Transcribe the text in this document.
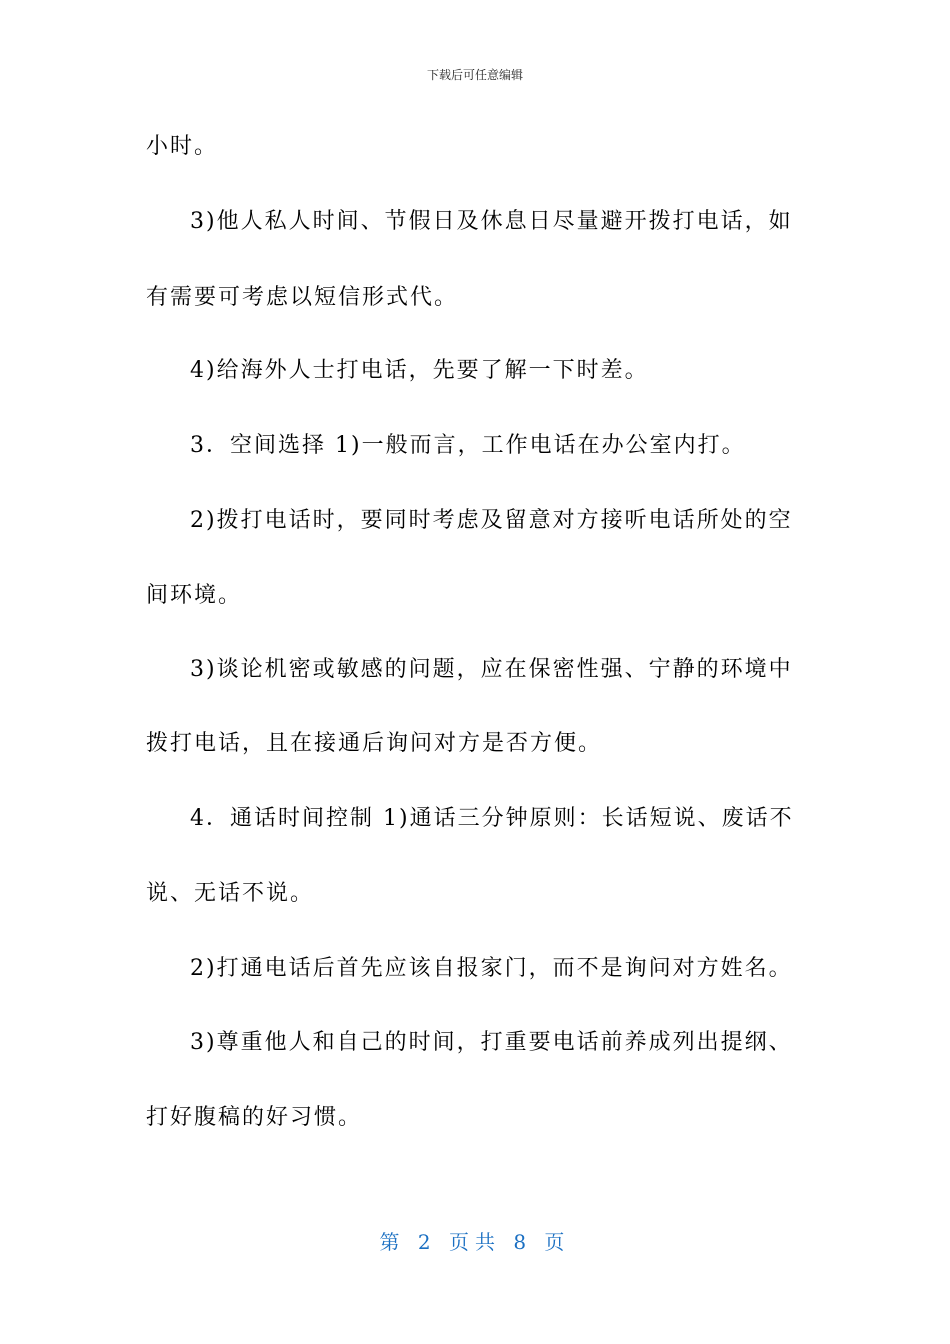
下载后可任意编辑
小时。
3)他人私人时间、节假日及休息日尽量避开拨打电话，如
有需要可考虑以短信形式代。
4)给海外人士打电话，先要了解一下时差。
3．空间选择 1)一般而言，工作电话在办公室内打。
2)拨打电话时，要同时考虑及留意对方接听电话所处的空
间环境。
3)谈论机密或敏感的问题，应在保密性强、宁静的环境中
拨打电话，且在接通后询问对方是否方便。
4．通话时间控制 1)通话三分钟原则：长话短说、废话不
说、无话不说。
2)打通电话后首先应该自报家门，而不是询问对方姓名。
3)尊重他人和自己的时间，打重要电话前养成列出提纲、
打好腹稿的好习惯。
第 2 页共 8 页
